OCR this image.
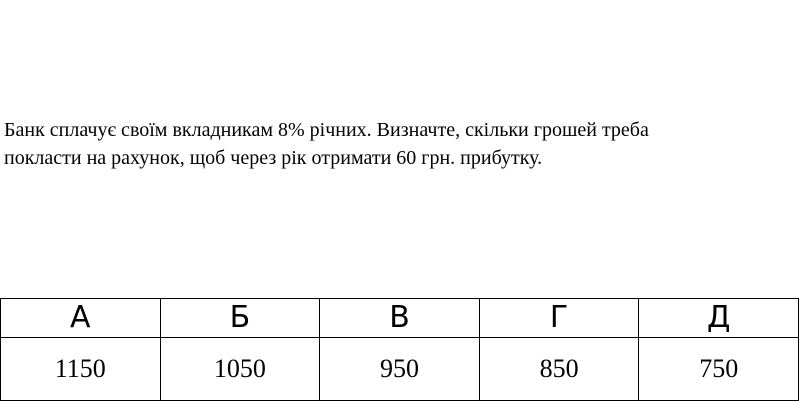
Банк сплачує своїм вкладникам 8% річних. Визначте, скільки грошей треба
покласти на рахунок, щоб через рік отримати 60 грн. прибутку.

А	Б	В	Г	Д
1150	1050	950	850	750
